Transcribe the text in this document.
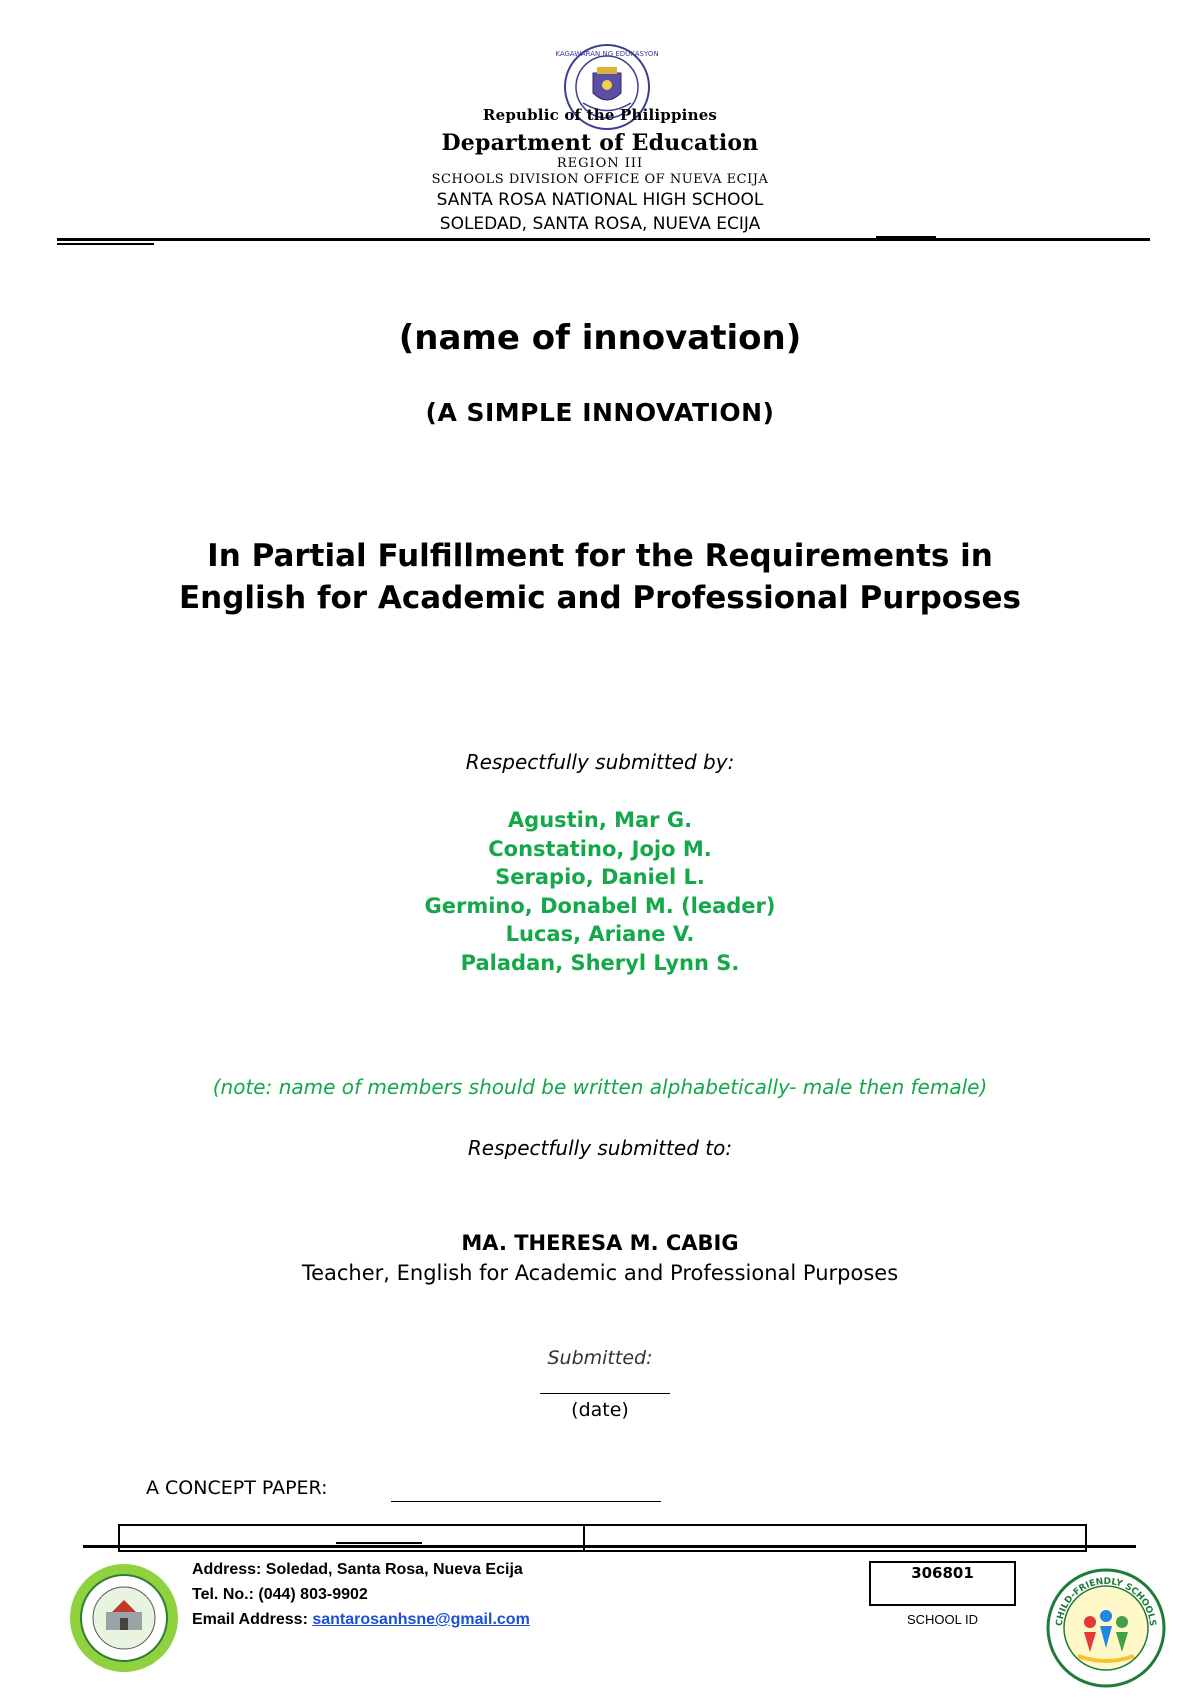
KAGAWARAN NG EDUKASYON
Republic of the Philippines
Department of Education
REGION III
SCHOOLS DIVISION OFFICE OF NUEVA ECIJA
SANTA ROSA NATIONAL HIGH SCHOOL
SOLEDAD, SANTA ROSA, NUEVA ECIJA
(name of innovation)
(A SIMPLE INNOVATION)
In Partial Fulfillment for the Requirements in
English for Academic and Professional Purposes
Respectfully submitted by:
Agustin, Mar G.
Constatino, Jojo M.
Serapio, Daniel L.
Germino, Donabel M. (leader)
Lucas, Ariane V.
Paladan, Sheryl Lynn S.
(note: name of members should be written alphabetically- male then female)
Respectfully submitted to:
MA. THERESA M. CABIG
Teacher, English for Academic and Professional Purposes
Submitted:
(date)
A CONCEPT PAPER:
Address: Soledad, Santa Rosa, Nueva Ecija
Tel. No.: (044) 803-9902
Email Address: santarosanhsne@gmail.com
306801
SCHOOL ID	CHILD-FRIENDLY SCHOOLS
